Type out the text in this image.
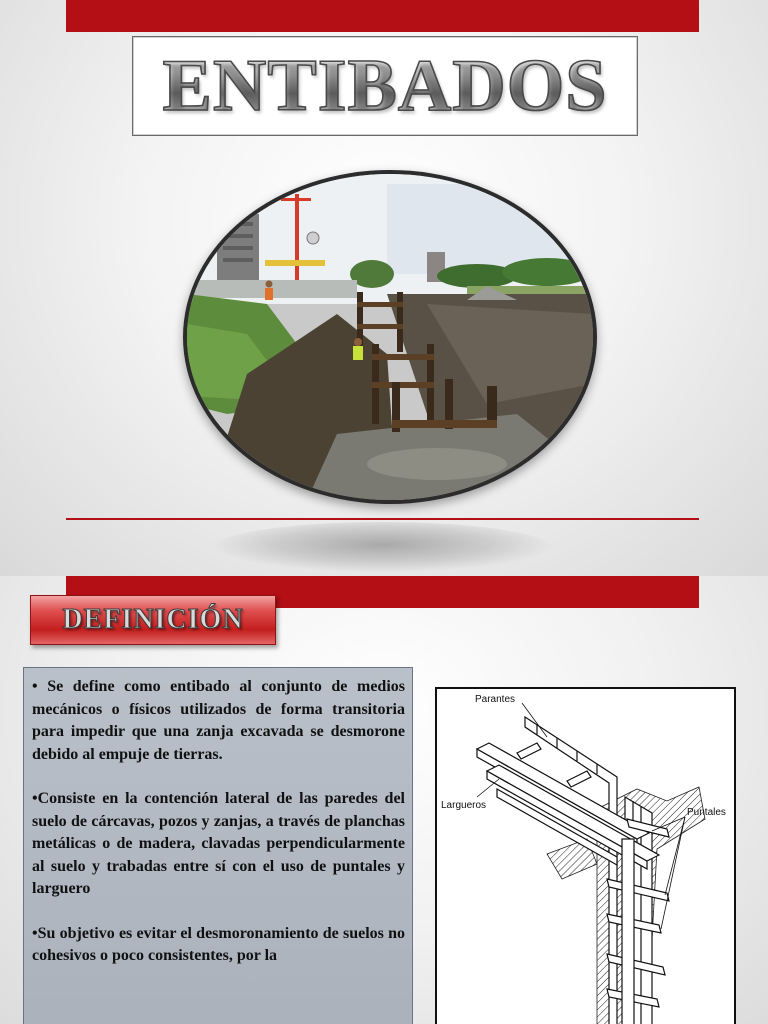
ENTIBADOS
DEFINICIÓN

• Se define como entibado al conjunto de medios mecánicos o físicos utilizados de forma transitoria para impedir que una zanja excavada se desmorone debido al empuje de tierras.

•Consiste en la contención lateral de las paredes del suelo de cárcavas, pozos y zanjas, a través de planchas metálicas o de madera, clavadas perpendicularmente al suelo y trabadas entre sí con el uso de puntales y larguero

•Su objetivo es evitar el desmoronamiento de suelos no cohesivos o poco consistentes, por la

Parantes
Largueros
Puntales
